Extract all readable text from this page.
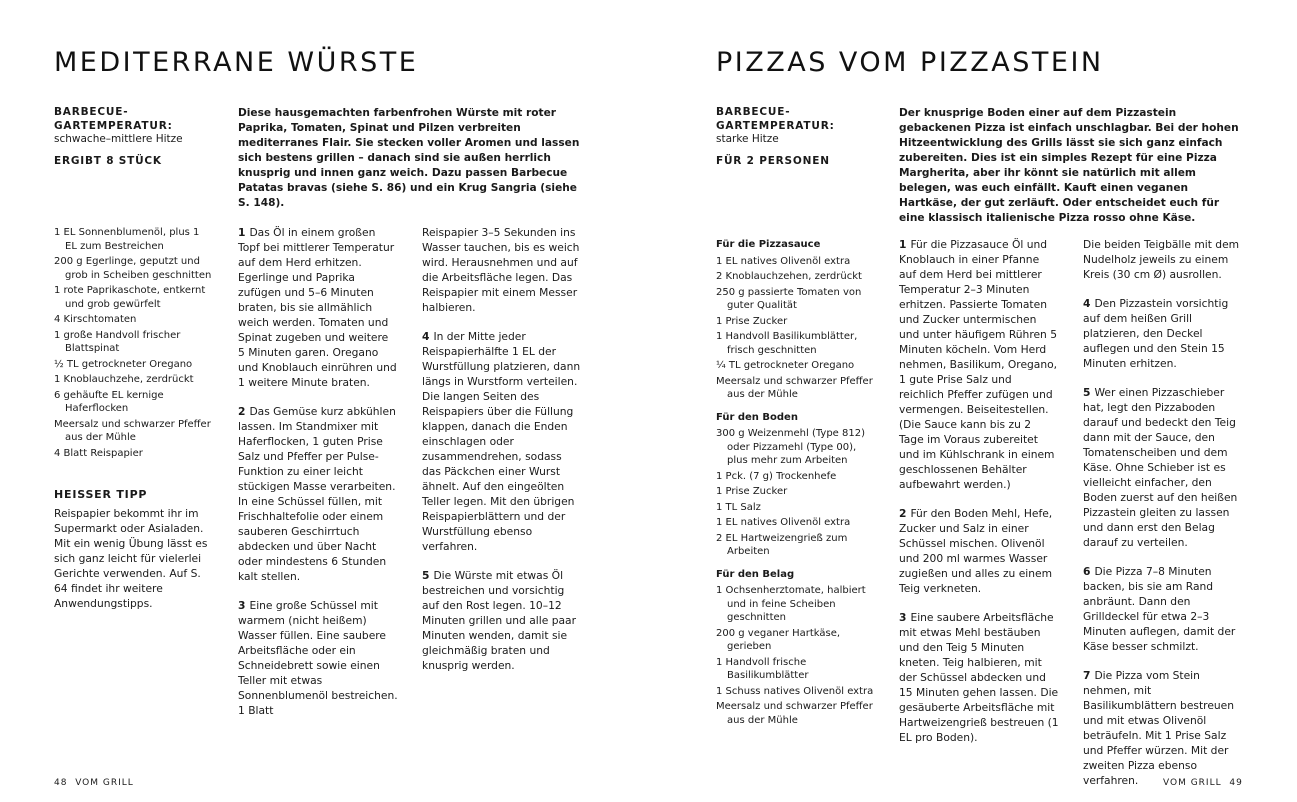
MEDITERRANE WÜRSTE
BARBECUE-
GARTEMPERATUR:
schwache–mittlere Hitze
ERGIBT 8 STÜCK
Diese hausgemachten farbenfrohen Würste mit roter Paprika, Tomaten, Spinat und Pilzen verbreiten mediterranes Flair. Sie stecken voller Aromen und lassen sich bestens grillen – danach sind sie außen herrlich knusprig und innen ganz weich. Dazu passen Barbecue Patatas bravas (siehe S. 86) und ein Krug Sangria (siehe S. 148).
1 EL Sonnenblumenöl, plus 1 EL zum Bestreichen
200 g Egerlinge, geputzt und grob in Scheiben geschnitten
1 rote Paprikaschote, entkernt und grob gewürfelt
4 Kirschtomaten
1 große Handvoll frischer Blattspinat
½ TL getrockneter Oregano
1 Knoblauchzehe, zerdrückt
6 gehäufte EL kernige Haferflocken
Meersalz und schwarzer Pfeffer aus der Mühle
4 Blatt Reispapier
HEISSER TIPP
Reispapier bekommt ihr im Supermarkt oder Asialaden. Mit ein wenig Übung lässt es sich ganz leicht für vielerlei Gerichte verwenden. Auf S. 64 findet ihr weitere Anwendungstipps.
1 Das Öl in einem großen Topf bei mittlerer Temperatur auf dem Herd erhitzen. Egerlinge und Paprika zufügen und 5–6 Minuten braten, bis sie allmählich weich werden. Tomaten und Spinat zugeben und weitere 5 Minuten garen. Oregano und Knoblauch einrühren und 1 weitere Minute braten.
2 Das Gemüse kurz abkühlen lassen. Im Standmixer mit Haferflocken, 1 guten Prise Salz und Pfeffer per Pulse-Funktion zu einer leicht stückigen Masse verarbeiten. In eine Schüssel füllen, mit Frischhaltefolie oder einem sauberen Geschirrtuch abdecken und über Nacht oder mindestens 6 Stunden kalt stellen.
3 Eine große Schüssel mit warmem (nicht heißem) Wasser füllen. Eine saubere Arbeitsfläche oder ein Schneidebrett sowie einen Teller mit etwas Sonnenblumenöl bestreichen. 1 Blatt
Reispapier 3–5 Sekunden ins Wasser tauchen, bis es weich wird. Herausnehmen und auf die Arbeitsfläche legen. Das Reispapier mit einem Messer halbieren.
4 In der Mitte jeder Reispapierhälfte 1 EL der Wurstfüllung platzieren, dann längs in Wurstform verteilen. Die langen Seiten des Reispapiers über die Füllung klappen, danach die Enden einschlagen oder zusammendrehen, sodass das Päckchen einer Wurst ähnelt. Auf den eingeölten Teller legen. Mit den übrigen Reispapierblättern und der Wurstfüllung ebenso verfahren.
5 Die Würste mit etwas Öl bestreichen und vorsichtig auf den Rost legen. 10–12 Minuten grillen und alle paar Minuten wenden, damit sie gleichmäßig braten und knusprig werden.
48 VOM GRILL
PIZZAS VOM PIZZASTEIN
BARBECUE-
GARTEMPERATUR:
starke Hitze
FÜR 2 PERSONEN
Der knusprige Boden einer auf dem Pizzastein gebackenen Pizza ist einfach unschlagbar. Bei der hohen Hitzeentwicklung des Grills lässt sie sich ganz einfach zubereiten. Dies ist ein simples Rezept für eine Pizza Margherita, aber ihr könnt sie natürlich mit allem belegen, was euch einfällt. Kauft einen veganen Hartkäse, der gut zerläuft. Oder entscheidet euch für eine klassisch italienische Pizza rosso ohne Käse.
Für die Pizzasauce
1 EL natives Olivenöl extra
2 Knoblauchzehen, zerdrückt
250 g passierte Tomaten von guter Qualität
1 Prise Zucker
1 Handvoll Basilikumblätter, frisch geschnitten
¼ TL getrockneter Oregano
Meersalz und schwarzer Pfeffer aus der Mühle
Für den Boden
300 g Weizenmehl (Type 812) oder Pizzamehl (Type 00), plus mehr zum Arbeiten
1 Pck. (7 g) Trockenhefe
1 Prise Zucker
1 TL Salz
1 EL natives Olivenöl extra
2 EL Hartweizengrieß zum Arbeiten
Für den Belag
1 Ochsenherztomate, halbiert und in feine Scheiben geschnitten
200 g veganer Hartkäse, gerieben
1 Handvoll frische Basilikumblätter
1 Schuss natives Olivenöl extra
Meersalz und schwarzer Pfeffer aus der Mühle
1 Für die Pizzasauce Öl und Knoblauch in einer Pfanne auf dem Herd bei mittlerer Temperatur 2–3 Minuten erhitzen. Passierte Tomaten und Zucker untermischen und unter häufigem Rühren 5 Minuten köcheln. Vom Herd nehmen, Basilikum, Oregano, 1 gute Prise Salz und reichlich Pfeffer zufügen und vermengen. Beiseitestellen. (Die Sauce kann bis zu 2 Tage im Voraus zubereitet und im Kühlschrank in einem geschlossenen Behälter aufbewahrt werden.)
2 Für den Boden Mehl, Hefe, Zucker und Salz in einer Schüssel mischen. Olivenöl und 200 ml warmes Wasser zugießen und alles zu einem Teig verkneten.
3 Eine saubere Arbeitsfläche mit etwas Mehl bestäuben und den Teig 5 Minuten kneten. Teig halbieren, mit der Schüssel abdecken und 15 Minuten gehen lassen. Die gesäuberte Arbeitsfläche mit Hartweizengrieß bestreuen (1 EL pro Boden).
Die beiden Teigbälle mit dem Nudelholz jeweils zu einem Kreis (30 cm Ø) ausrollen.
4 Den Pizzastein vorsichtig auf dem heißen Grill platzieren, den Deckel auflegen und den Stein 15 Minuten erhitzen.
5 Wer einen Pizzaschieber hat, legt den Pizzaboden darauf und bedeckt den Teig dann mit der Sauce, den Tomatenscheiben und dem Käse. Ohne Schieber ist es vielleicht einfacher, den Boden zuerst auf den heißen Pizzastein gleiten zu lassen und dann erst den Belag darauf zu verteilen.
6 Die Pizza 7–8 Minuten backen, bis sie am Rand anbräunt. Dann den Grilldeckel für etwa 2–3 Minuten auflegen, damit der Käse besser schmilzt.
7 Die Pizza vom Stein nehmen, mit Basilikumblättern bestreuen und mit etwas Olivenöl beträufeln. Mit 1 Prise Salz und Pfeffer würzen. Mit der zweiten Pizza ebenso verfahren.	VOM GRILL 49
